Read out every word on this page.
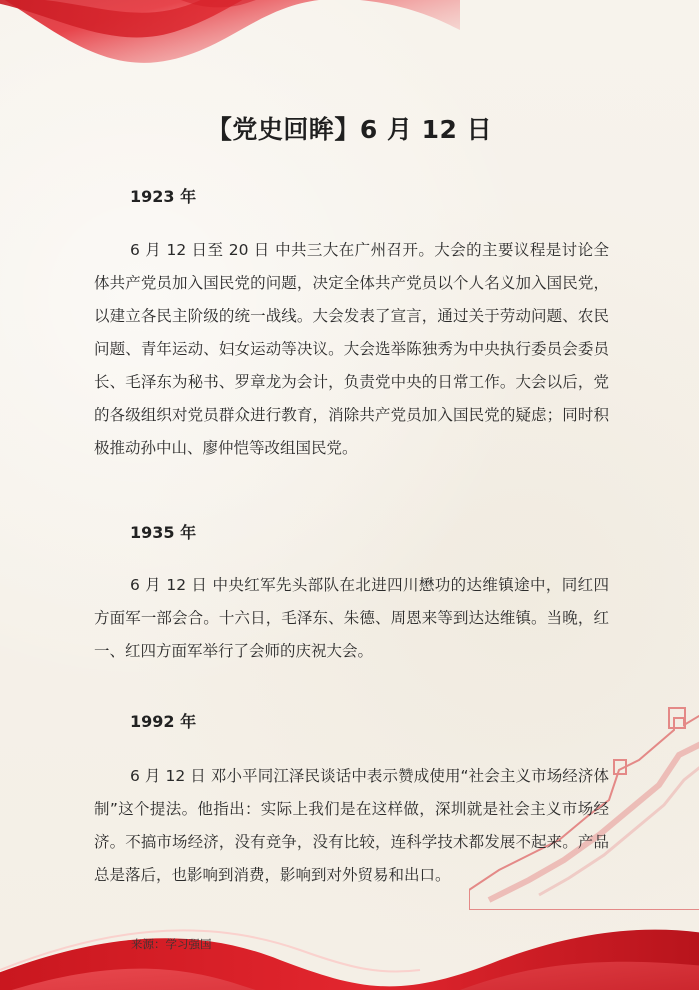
【党史回眸】6 月 12 日
1923 年
6 月 12 日至 20 日 中共三大在广州召开。大会的主要议程是讨论全体共产党员加入国民党的问题，决定全体共产党员以个人名义加入国民党，以建立各民主阶级的统一战线。大会发表了宣言，通过关于劳动问题、农民问题、青年运动、妇女运动等决议。大会选举陈独秀为中央执行委员会委员长、毛泽东为秘书、罗章龙为会计，负责党中央的日常工作。大会以后，党的各级组织对党员群众进行教育，消除共产党员加入国民党的疑虑；同时积极推动孙中山、廖仲恺等改组国民党。
1935 年
6 月 12 日 中央红军先头部队在北进四川懋功的达维镇途中，同红四方面军一部会合。十六日，毛泽东、朱德、周恩来等到达达维镇。当晚，红一、红四方面军举行了会师的庆祝大会。
1992 年
6 月 12 日 邓小平同江泽民谈话中表示赞成使用“社会主义市场经济体制”这个提法。他指出：实际上我们是在这样做，深圳就是社会主义市场经济。不搞市场经济，没有竞争，没有比较，连科学技术都发展不起来。产品总是落后，也影响到消费，影响到对外贸易和出口。
来源：学习强国
